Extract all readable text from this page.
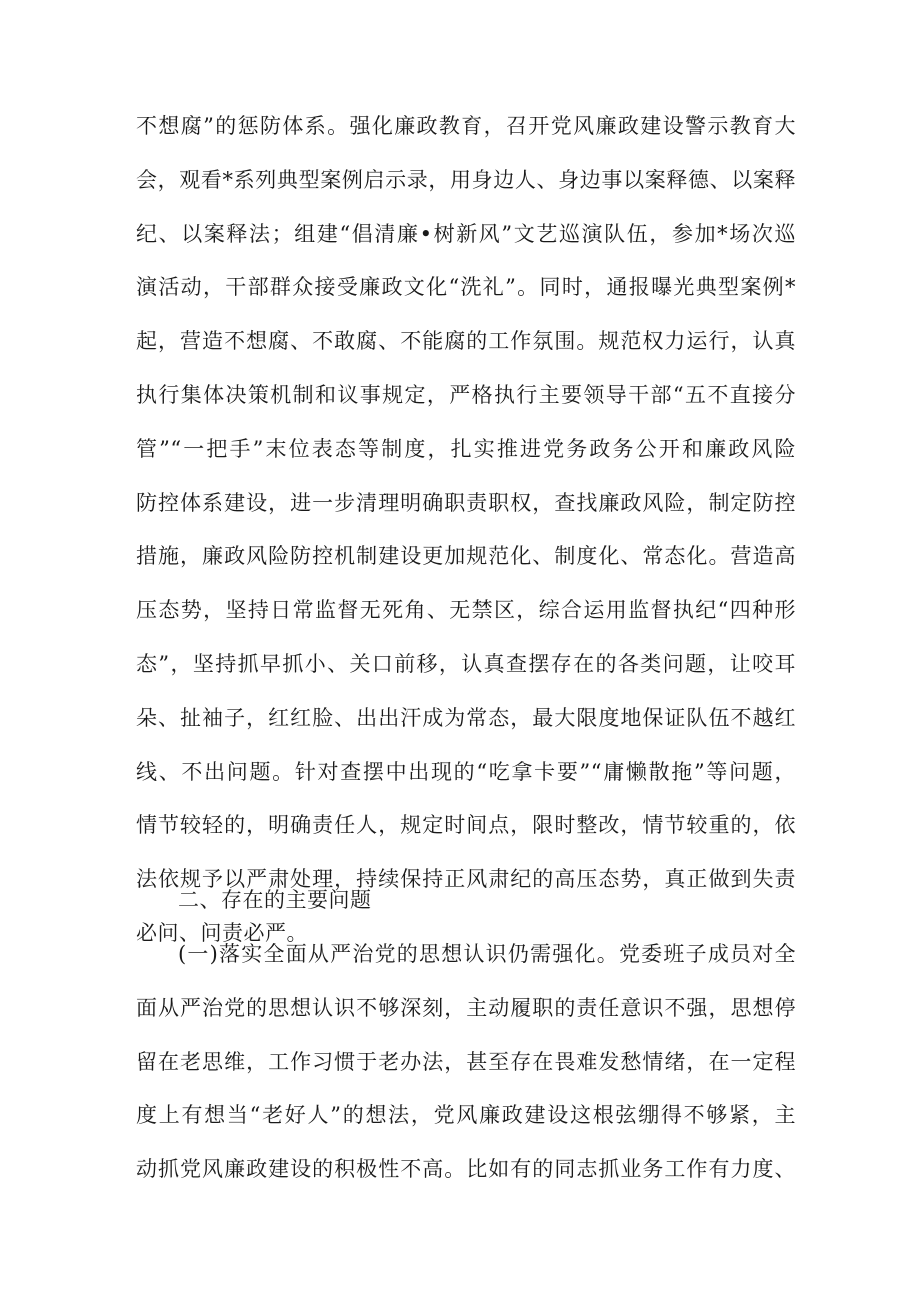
不想腐”的惩防体系。强化廉政教育，召开党风廉政建设警示教育大
会，观看*系列典型案例启示录，用身边人、身边事以案释德、以案释
纪、以案释法；组建“倡清廉•树新风”文艺巡演队伍，参加*场次巡
演活动，干部群众接受廉政文化“洗礼”。同时，通报曝光典型案例*
起，营造不想腐、不敢腐、不能腐的工作氛围。规范权力运行，认真
执行集体决策机制和议事规定，严格执行主要领导干部“五不直接分
管”“一把手”末位表态等制度，扎实推进党务政务公开和廉政风险
防控体系建设，进一步清理明确职责职权，查找廉政风险，制定防控
措施，廉政风险防控机制建设更加规范化、制度化、常态化。营造高
压态势，坚持日常监督无死角、无禁区，综合运用监督执纪“四种形
态”，坚持抓早抓小、关口前移，认真查摆存在的各类问题，让咬耳
朵、扯袖子，红红脸、出出汗成为常态，最大限度地保证队伍不越红
线、不出问题。针对查摆中出现的“吃拿卡要”“庸懒散拖”等问题，
情节较轻的，明确责任人，规定时间点，限时整改，情节较重的，依
法依规予以严肃处理，持续保持正风肃纪的高压态势，真正做到失责
必问、问责必严。
二、存在的主要问题
(一)落实全面从严治党的思想认识仍需强化。党委班子成员对全
面从严治党的思想认识不够深刻，主动履职的责任意识不强，思想停
留在老思维，工作习惯于老办法，甚至存在畏难发愁情绪，在一定程
度上有想当“老好人”的想法，党风廉政建设这根弦绷得不够紧，主
动抓党风廉政建设的积极性不高。比如有的同志抓业务工作有力度、
